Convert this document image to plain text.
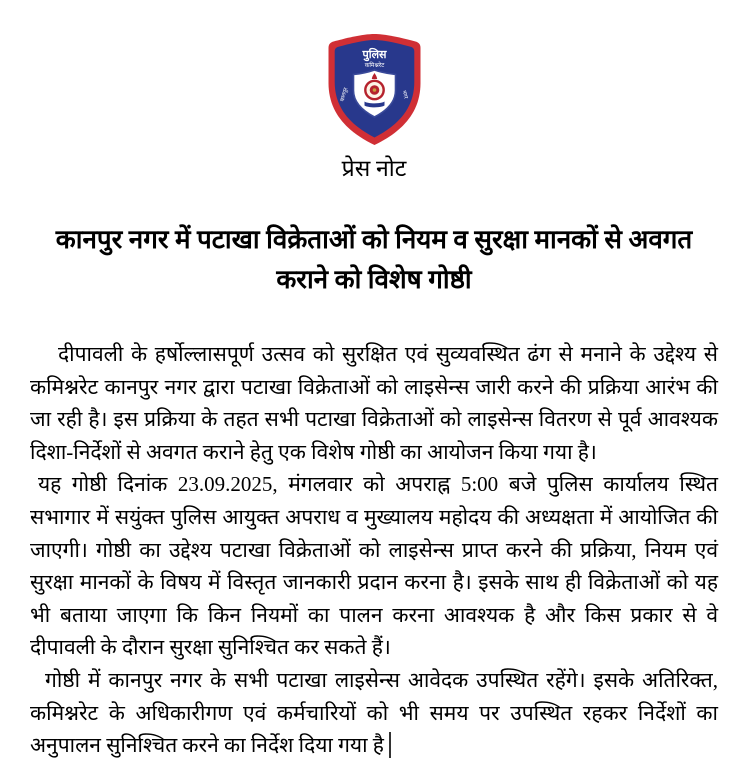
पुलिस
कमिश्नरेट
कानपुर	नगर
प्रेस नोट
कानपुर नगर में पटाखा विक्रेताओं को नियम व सुरक्षा मानकों से अवगत
कराने को विशेष गोष्ठी

दीपावली के हर्षोल्लासपूर्ण उत्सव को सुरक्षित एवं सुव्यवस्थित ढंग से मनाने के उद्देश्य से कमिश्नरेट कानपुर नगर द्वारा पटाखा विक्रेताओं को लाइसेन्स जारी करने की प्रक्रिया आरंभ की जा रही है। इस प्रक्रिया के तहत सभी पटाखा विक्रेताओं को लाइसेन्स वितरण से पूर्व आवश्यक दिशा-निर्देशों से अवगत कराने हेतु एक विशेष गोष्ठी का आयोजन किया गया है।

यह गोष्ठी दिनांक 23.09.2025, मंगलवार को अपराह्न 5:00 बजे पुलिस कार्यालय स्थित सभागार में सयुंक्त पुलिस आयुक्त अपराध व मुख्यालय महोदय की अध्यक्षता में आयोजित की जाएगी। गोष्ठी का उद्देश्य पटाखा विक्रेताओं को लाइसेन्स प्राप्त करने की प्रक्रिया, नियम एवं सुरक्षा मानकों के विषय में विस्तृत जानकारी प्रदान करना है। इसके साथ ही विक्रेताओं को यह भी बताया जाएगा कि किन नियमों का पालन करना आवश्यक है और किस प्रकार से वे दीपावली के दौरान सुरक्षा सुनिश्चित कर सकते हैं।

गोष्ठी में कानपुर नगर के सभी पटाखा लाइसेन्स आवेदक उपस्थित रहेंगे। इसके अतिरिक्त, कमिश्नरेट के अधिकारीगण एवं कर्मचारियों को भी समय पर उपस्थित रहकर निर्देशों का अनुपालन सुनिश्चित करने का निर्देश दिया गया है
